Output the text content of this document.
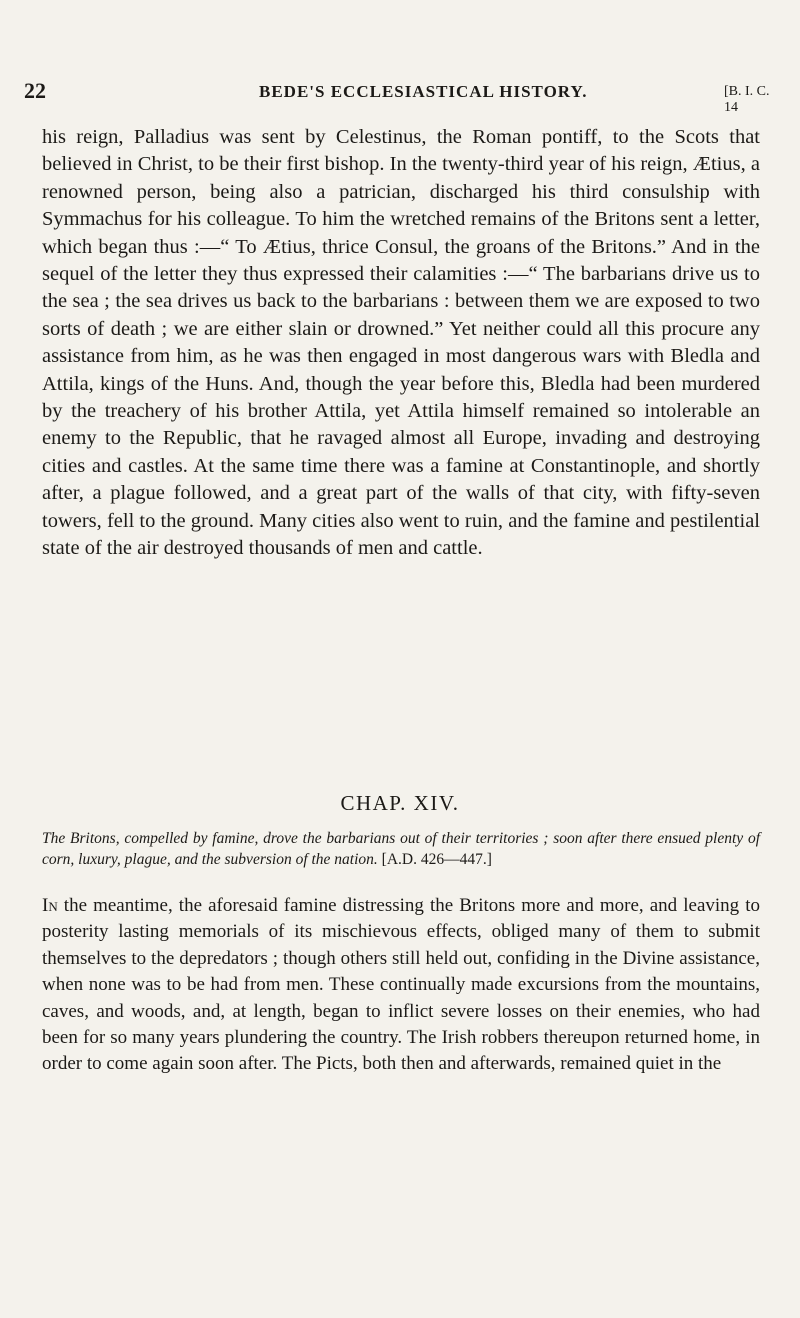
22	BEDE'S ECCLESIASTICAL HISTORY.	[B. I. C. 14

his reign, Palladius was sent by Celestinus, the Roman pontiff, to the Scots that believed in Christ, to be their first bishop. In the twenty-third year of his reign, Ætius, a renowned person, being also a patrician, discharged his third consulship with Symmachus for his colleague. To him the wretched remains of the Britons sent a letter, which began thus :—“ To Ætius, thrice Consul, the groans of the Britons.” And in the sequel of the letter they thus expressed their calamities :—“ The barbarians drive us to the sea ; the sea drives us back to the barbarians : between them we are exposed to two sorts of death ; we are either slain or drowned.” Yet neither could all this procure any assistance from him, as he was then engaged in most dangerous wars with Bledla and Attila, kings of the Huns. And, though the year before this, Bledla had been murdered by the treachery of his brother Attila, yet Attila himself remained so intolerable an enemy to the Republic, that he ravaged almost all Europe, invading and destroying cities and castles. At the same time there was a famine at Constantinople, and shortly after, a plague followed, and a great part of the walls of that city, with fifty-seven towers, fell to the ground. Many cities also went to ruin, and the famine and pestilential state of the air destroyed thousands of men and cattle.

CHAP. XIV.

The Britons, compelled by famine, drove the barbarians out of their territories ; soon after there ensued plenty of corn, luxury, plague, and the subversion of the nation. [A.D. 426—447.]

In the meantime, the aforesaid famine distressing the Britons more and more, and leaving to posterity lasting memorials of its mischievous effects, obliged many of them to submit themselves to the depredators ; though others still held out, confiding in the Divine assistance, when none was to be had from men. These continually made excursions from the mountains, caves, and woods, and, at length, began to inflict severe losses on their enemies, who had been for so many years plundering the country. The Irish robbers thereupon returned home, in order to come again soon after. The Picts, both then and afterwards, remained quiet in the
